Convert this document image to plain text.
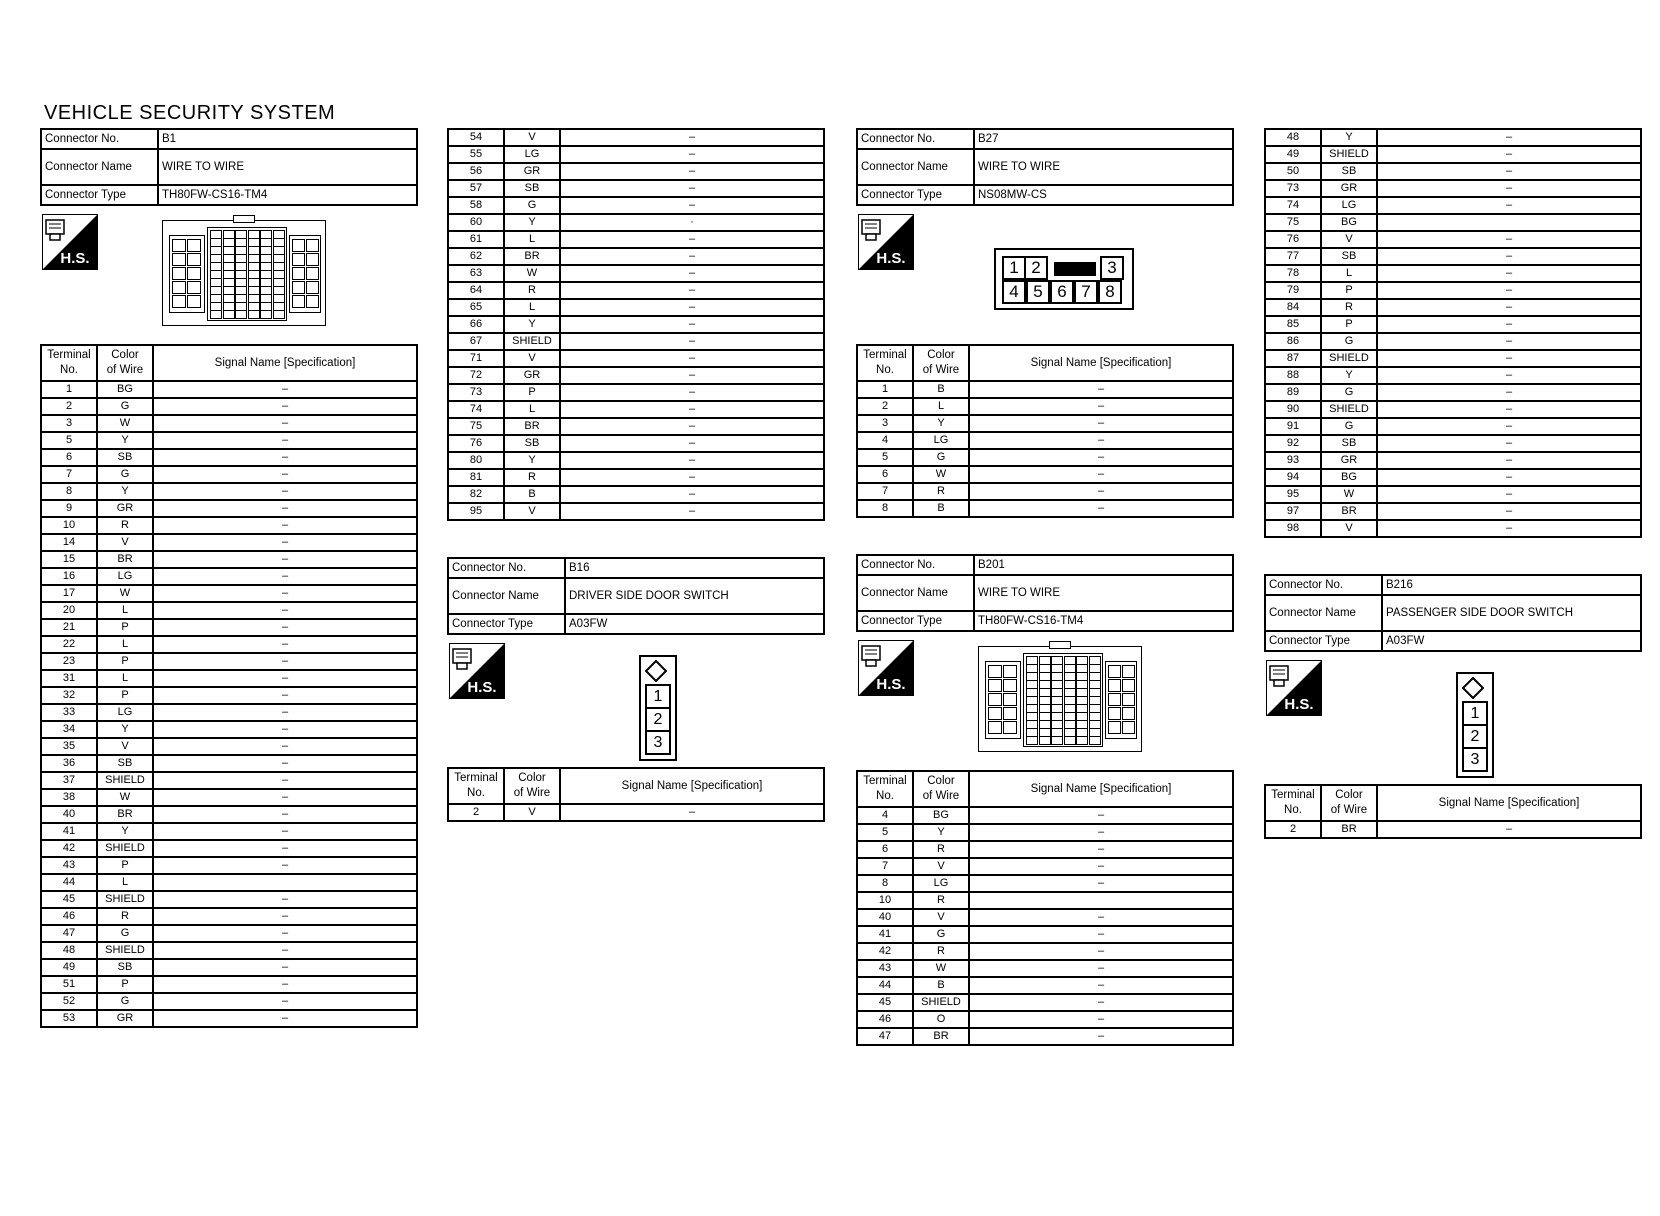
VEHICLE SECURITY SYSTEM
Connector No.	B1
Connector Name	WIRE TO WIRE
Connector Type	TH80FW-CS16-TM4
H.S.
Terminal
No.	Color
of Wire	Signal Name [Specification]
1	BG	–
2	G	–
3	W	–
5	Y	–
6	SB	–
7	G	–
8	Y	–
9	GR	–
10	R	–
14	V	–
15	BR	–
16	LG	–
17	W	–
20	L	–
21	P	–
22	L	–
23	P	–
31	L	–
32	P	–
33	LG	–
34	Y	–
35	V	–
36	SB	–
37	SHIELD	–
38	W	–
40	BR	–
41	Y	–
42	SHIELD	–
43	P	–
44	L	
45	SHIELD	–
46	R	–
47	G	–
48	SHIELD	–
49	SB	–
51	P	–
52	G	–
53	GR	–
54	V	–
55	LG	–
56	GR	–
57	SB	–
58	G	–
60	Y	·
61	L	–
62	BR	–
63	W	–
64	R	–
65	L	–
66	Y	–
67	SHIELD	–
71	V	–
72	GR	–
73	P	–
74	L	–
75	BR	–
76	SB	–
80	Y	–
81	R	–
82	B	–
95	V	–
Connector No.	B16
Connector Name	DRIVER SIDE DOOR SWITCH
Connector Type	A03FW
H.S.
1
2
3
Terminal
No.	Color
of Wire	Signal Name [Specification]
2	V	–
Connector No.	B27
Connector Name	WIRE TO WIRE
Connector Type	NS08MW-CS
H.S.	1 2	3
4 5 6 7 8
Terminal
No.	Color
of Wire	Signal Name [Specification]
1	B	–
2	L	–
3	Y	–
4	LG	–
5	G	–
6	W	–
7	R	–
8	B	–
Connector No.	B201
Connector Name	WIRE TO WIRE
Connector Type	TH80FW-CS16-TM4
H.S.
Terminal
No.	Color
of Wire	Signal Name [Specification]
4	BG	–
5	Y	–
6	R	–
7	V	–
8	LG	–
10	R	
40	V	–
41	G	–
42	R	–
43	W	–
44	B	–
45	SHIELD	–
46	O	–
47	BR	–
48	Y	–
49	SHIELD	–
50	SB	–
73	GR	–
74	LG	–
75	BG	
76	V	–
77	SB	–
78	L	–
79	P	–
84	R	–
85	P	–
86	G	–
87	SHIELD	–
88	Y	–
89	G	–
90	SHIELD	–
91	G	–
92	SB	–
93	GR	–
94	BG	–
95	W	–
97	BR	–
98	V	–
Connector No.	B216
Connector Name	PASSENGER SIDE DOOR SWITCH
Connector Type	A03FW
H.S.
1
2
3
Terminal
No.	Color
of Wire	Signal Name [Specification]
2	BR	–
